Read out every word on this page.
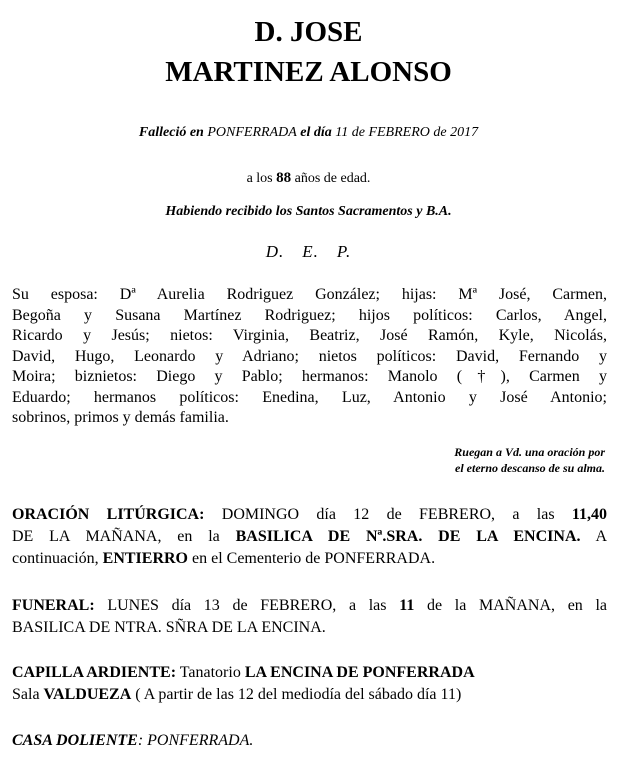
D. JOSE
MARTINEZ ALONSO
Falleció en PONFERRADA el día 11 de FEBRERO de 2017
a los 88 años de edad.
Habiendo recibido los Santos Sacramentos y B.A.
D. E. P.

Su esposa: Dª Aurelia Rodriguez González; hijas: Mª José, Carmen,

Begoña y Susana Martínez Rodriguez; hijos políticos: Carlos, Angel,

Ricardo y Jesús; nietos: Virginia, Beatriz, José Ramón, Kyle, Nicolás,

David, Hugo, Leonardo y Adriano; nietos políticos: David, Fernando y

Moira; biznietos: Diego y Pablo; hermanos: Manolo (†), Carmen y

Eduardo; hermanos políticos: Enedina, Luz, Antonio y José Antonio;

sobrinos, primos y demás familia.

Ruegan a Vd. una oración por
el eterno descanso de su alma.

ORACIÓN LITÚRGICA: DOMINGO día 12 de FEBRERO, a las 11,40

DE LA MAÑANA, en la BASILICA DE Nª.SRA. DE LA ENCINA. A

continuación, ENTIERRO en el Cementerio de PONFERRADA.

FUNERAL: LUNES día 13 de FEBRERO, a las 11 de la MAÑANA, en la

BASILICA DE NTRA. SÑRA DE LA ENCINA.

CAPILLA ARDIENTE: Tanatorio LA ENCINA DE PONFERRADA

Sala VALDUEZA ( A partir de las 12 del mediodía del sábado día 11)

CASA DOLIENTE: PONFERRADA.
